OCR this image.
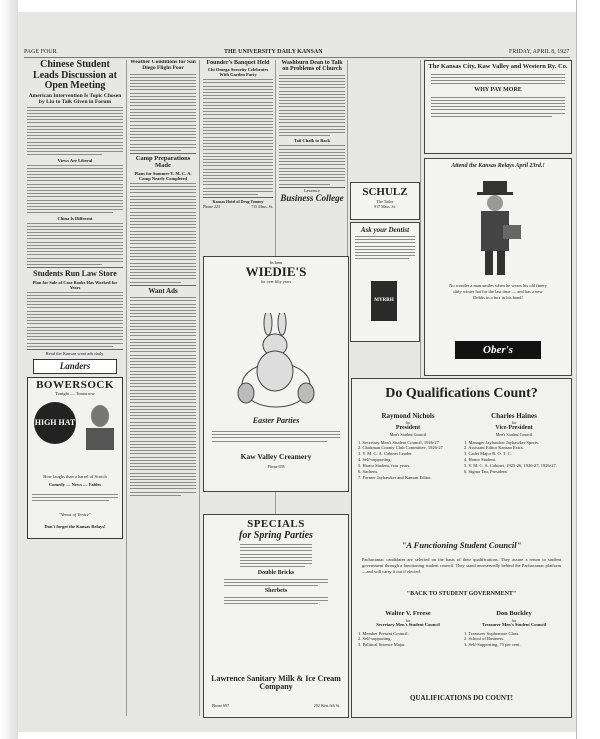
PAGE FOUR	THE UNIVERSITY DAILY KANSAN	FRIDAY, APRIL 8, 1927
Chinese Student Leads Discussion at Open Meeting
American Intervention Is Topic Chosen by Liu to Talk Given in Forum
Views Are Liberal
China Is Different
Students Run Law Store
Plan for Sale of Case Books Has Worked for Years
Read the Kansan want ads daily.
Landers
BOWERSOCK
Tonight — Tomorrow
HIGH HAT
How laughs than a barrel of Scotch
Comedy — News — Fables
"Venus of Venice"
Don't forget the Kansas Relays!
Weather Conditions for San Diego Flight Poor
Camp Preparations Made
Plans for Summer Y. M. C. A. Camp Nearly Completed
Want Ads
Founder's Banquet Held
Chi Omega Sorority Celebrates With Garden Party
Kansas Hotel of Drug Tommy
Phone 223	715 Mass. St.
Washburn Dean to Talk on Problems of Church
Tail Chalk to Back
Lawrence
Business College
Ask your Dentist
MYRRH
SCHULZ
The Tailor
917 Mass. St.
The Kansas City, Kaw Valley and Western Ry. Co.
WHY PAY MORE
Attend the Kansas Relays April 23rd.!
No wonder a man smiles when he wears his old finery dirty winter hat for the last time — and has a new Dobbs in a box in his hand!
Ober's
Its been
WIEDIE'S
for over fifty years
Easter Parties
Kaw Valley Creamery
Phone 658
SPECIALS
for Spring Parties
Double Bricks
Sherbets
Lawrence Sanitary Milk & Ice Cream Company
Phone 697	202 West 6th St.
Do Qualifications Count?
Raymond Nichols
for
President
Men's Student Council
1. Secretary Men's Student Council, 1926-27
2. Chairman County Club Committee, 1926-27
3. Y. M. C. A. Cabinet Leader.
4. Self-supporting.
5. Honor Student, four years.
6. Sachem.
7. Former Jayhawker and Kansan Editor.
Charles Haines
for
Vice-President
Men's Student Council
1. Manager Jayhawker Jayhawker Sports.
2. Assistant Editor Kansan Extra.
3. Cadet Major R. O. T. C.
4. Honor Student.
5. Y. M. C. A. Cabinet, 1925-26, 1926-27, 1926-27.
6. Sigma Tau, President.
"A Functioning Student Council"
Pachacamac candidates are selected on the basis of their qualifications. They assure a return to student government through a functioning student council. They stand unreservedly behind the Pachacamac platform—and will carry it out if elected.
"BACK TO STUDENT GOVERNMENT"
Walter V. Freese
for
Secretary Men's Student Council
1. Member Present Council.
2. Self-supporting.
3. Political Science Major.
Don Buckley
for
Treasurer Men's Student Council
1. Treasurer Sophomore Class.
2. School of Business.
3. Self-Supporting, 75 per cent.
QUALIFICATIONS DO COUNT!
